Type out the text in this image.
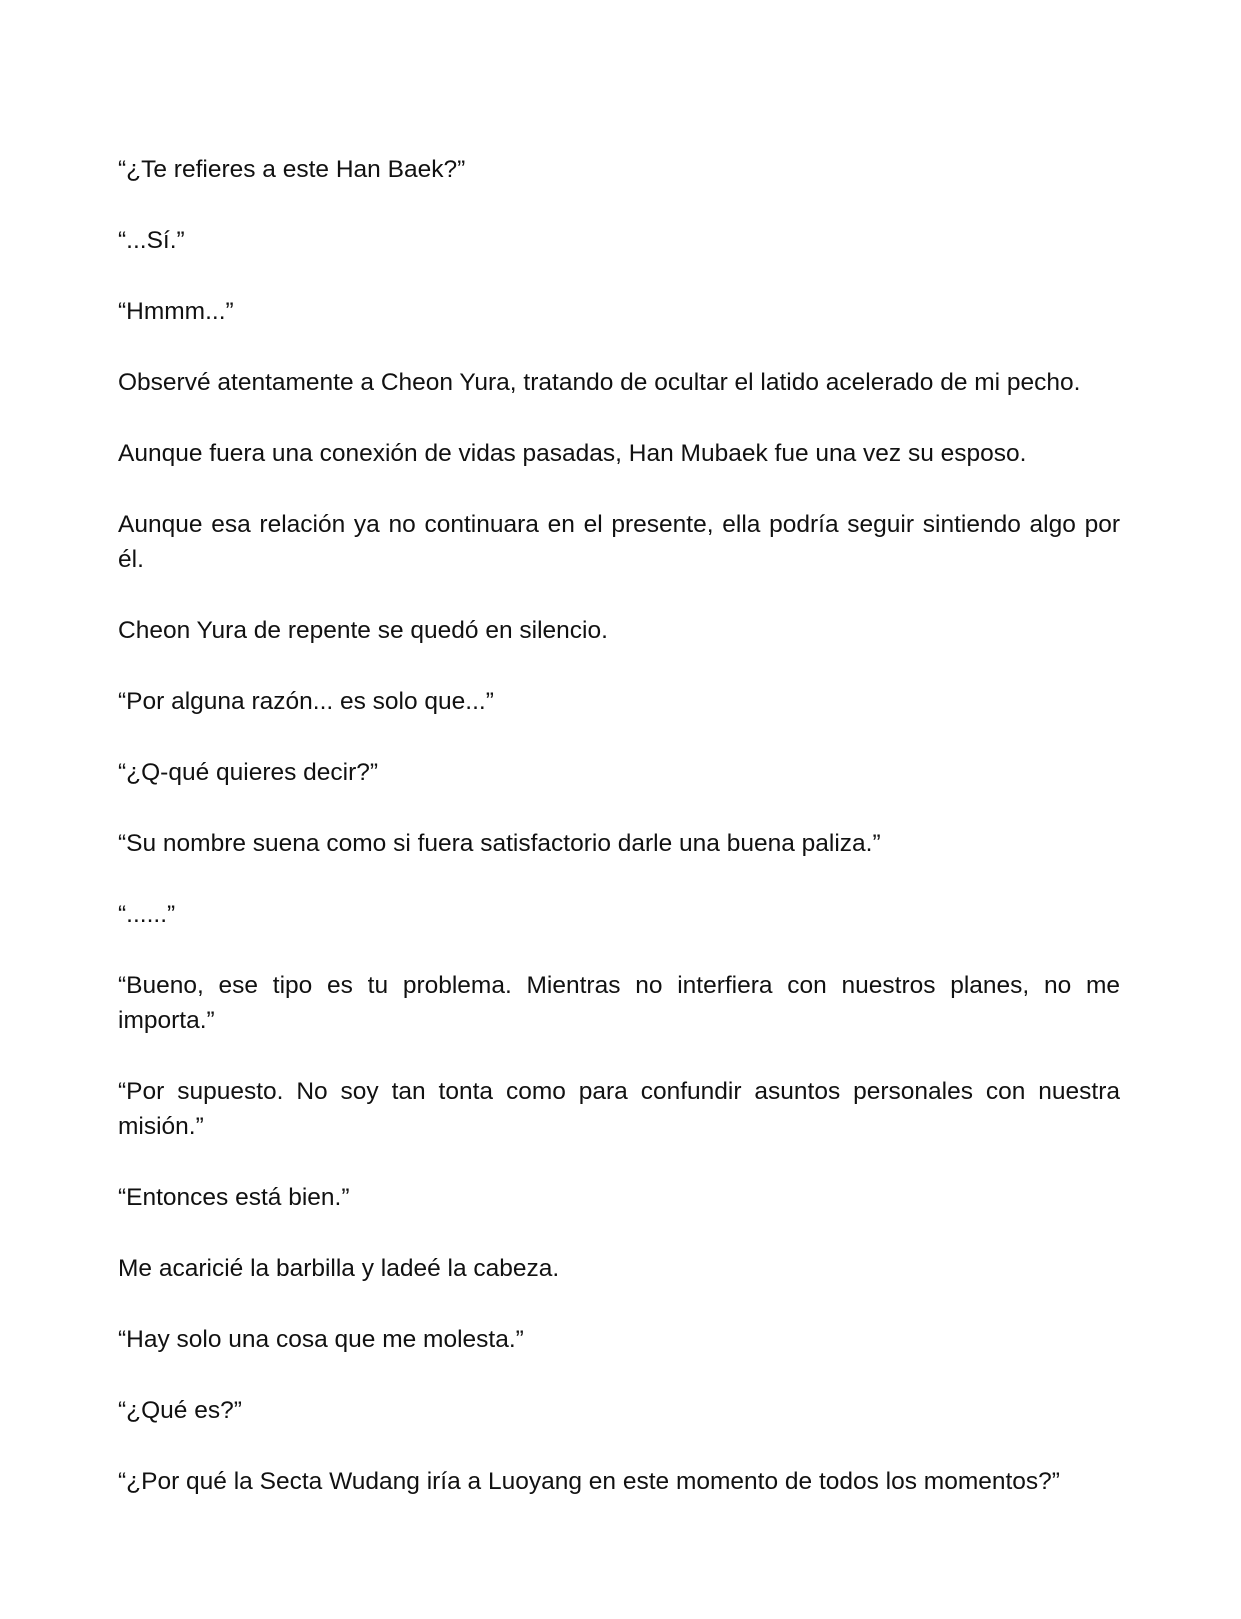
“¿Te refieres a este Han Baek?”

“...Sí.”

“Hmmm...”

Observé atentamente a Cheon Yura, tratando de ocultar el latido acelerado de mi pecho.

Aunque fuera una conexión de vidas pasadas, Han Mubaek fue una vez su esposo.

Aunque esa relación ya no continuara en el presente, ella podría seguir sintiendo algo por él.

Cheon Yura de repente se quedó en silencio.

“Por alguna razón... es solo que...”

“¿Q-qué quieres decir?”

“Su nombre suena como si fuera satisfactorio darle una buena paliza.”

“......”

“Bueno, ese tipo es tu problema. Mientras no interfiera con nuestros planes, no me importa.”

“Por supuesto. No soy tan tonta como para confundir asuntos personales con nuestra misión.”

“Entonces está bien.”

Me acaricié la barbilla y ladeé la cabeza.

“Hay solo una cosa que me molesta.”

“¿Qué es?”

“¿Por qué la Secta Wudang iría a Luoyang en este momento de todos los momentos?”
